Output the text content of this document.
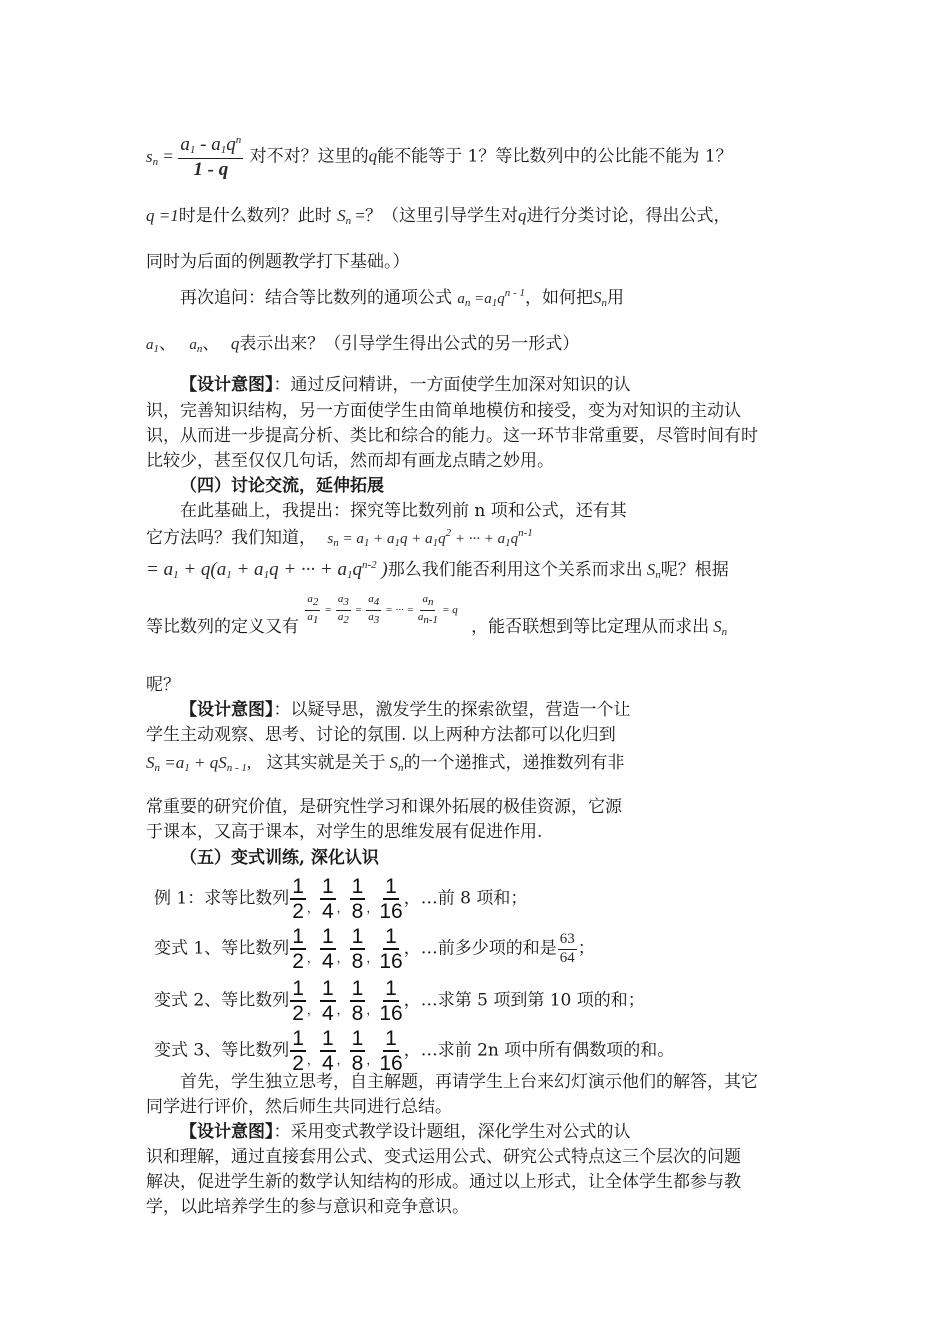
sn = $\frac{a1 - a1q^n}{1 - q}$ 对不对？这里的q能不能等于 1？等比数列中的公比能不能为 1？
q =1时是什么数列？此时 Sn =？（这里引导学生对q进行分类讨论，得出公式，
同时为后面的例题教学打下基础。）
再次追问：结合等比数列的通项公式 $a_n =a_1q^{n - 1}$，如何把Sn用
$a_1$、 $a_n$、 q表示出来？（引导学生得出公式的另一形式）
【设计意图】：通过反问精讲，一方面使学生加深对知识的认
识，完善知识结构，另一方面使学生由简单地模仿和接受，变为对知识的主动认
识，从而进一步提高分析、类比和综合的能力。这一环节非常重要，尽管时间有时
比较少，甚至仅仅几句话，然而却有画龙点睛之妙用。
（四）讨论交流，延伸拓展
在此基础上，我提出：探究等比数列前 n 项和公式，还有其
它方法吗？我们知道， $s_n = a_1 + a_1q + a_1q^2$ + ··· + $a_1q^{n-1}$
= a1 + q(a1 + a1q + ··· + $a1q^{n-2}$ )那么我们能否利用这个关系而求出 Sn呢？根据
等比数列的定义又有
$\frac{a2}{a1} = \frac{a3}{a2} = \frac{a4}{a3}$ = ··· = $\frac{an}{an-1} = q$ ，能否联想到等比定理从而求出 Sn
呢？
【设计意图】：以疑导思，激发学生的探索欲望，营造一个让
学生主动观察、思考、讨论的氛围. 以上两种方法都可以化归到
Sn =a1 + qSn - 1, 这其实就是关于 Sn的一个递推式，递推数列有非
常重要的研究价值，是研究性学习和课外拓展的极佳资源，它源
于课本，又高于课本，对学生的思维发展有促进作用.
（五）变式训练, 深化认识
例 1：求等比数列 $\frac{1}{2} _, \frac{1}{4} _, \frac{1}{8} _, \frac{1}{16}$ ，…前 8 项和；
变式 1、等比数列 $\frac{1}{2} _, \frac{1}{4} _, \frac{1}{8} _, \frac{1}{16}$ ，…前多少项的和是 $\frac{63}{64}$ ；
变式 2、等比数列 $\frac{1}{2} _, \frac{1}{4} _, \frac{1}{8} _, \frac{1}{16}$ ，…求第 5 项到第 10 项的和；
变式 3、等比数列 $\frac{1}{2} _, \frac{1}{4} _, \frac{1}{8} _, \frac{1}{16}$ ，…求前 2n 项中所有偶数项的和。
首先，学生独立思考，自主解题，再请学生上台来幻灯演示他们的解答，其它
同学进行评价，然后师生共同进行总结。
【设计意图】：采用变式教学设计题组，深化学生对公式的认
识和理解，通过直接套用公式、变式运用公式、研究公式特点这三个层次的问题
解决，促进学生新的数学认知结构的形成。通过以上形式，让全体学生都参与教
学，以此培养学生的参与意识和竞争意识。
